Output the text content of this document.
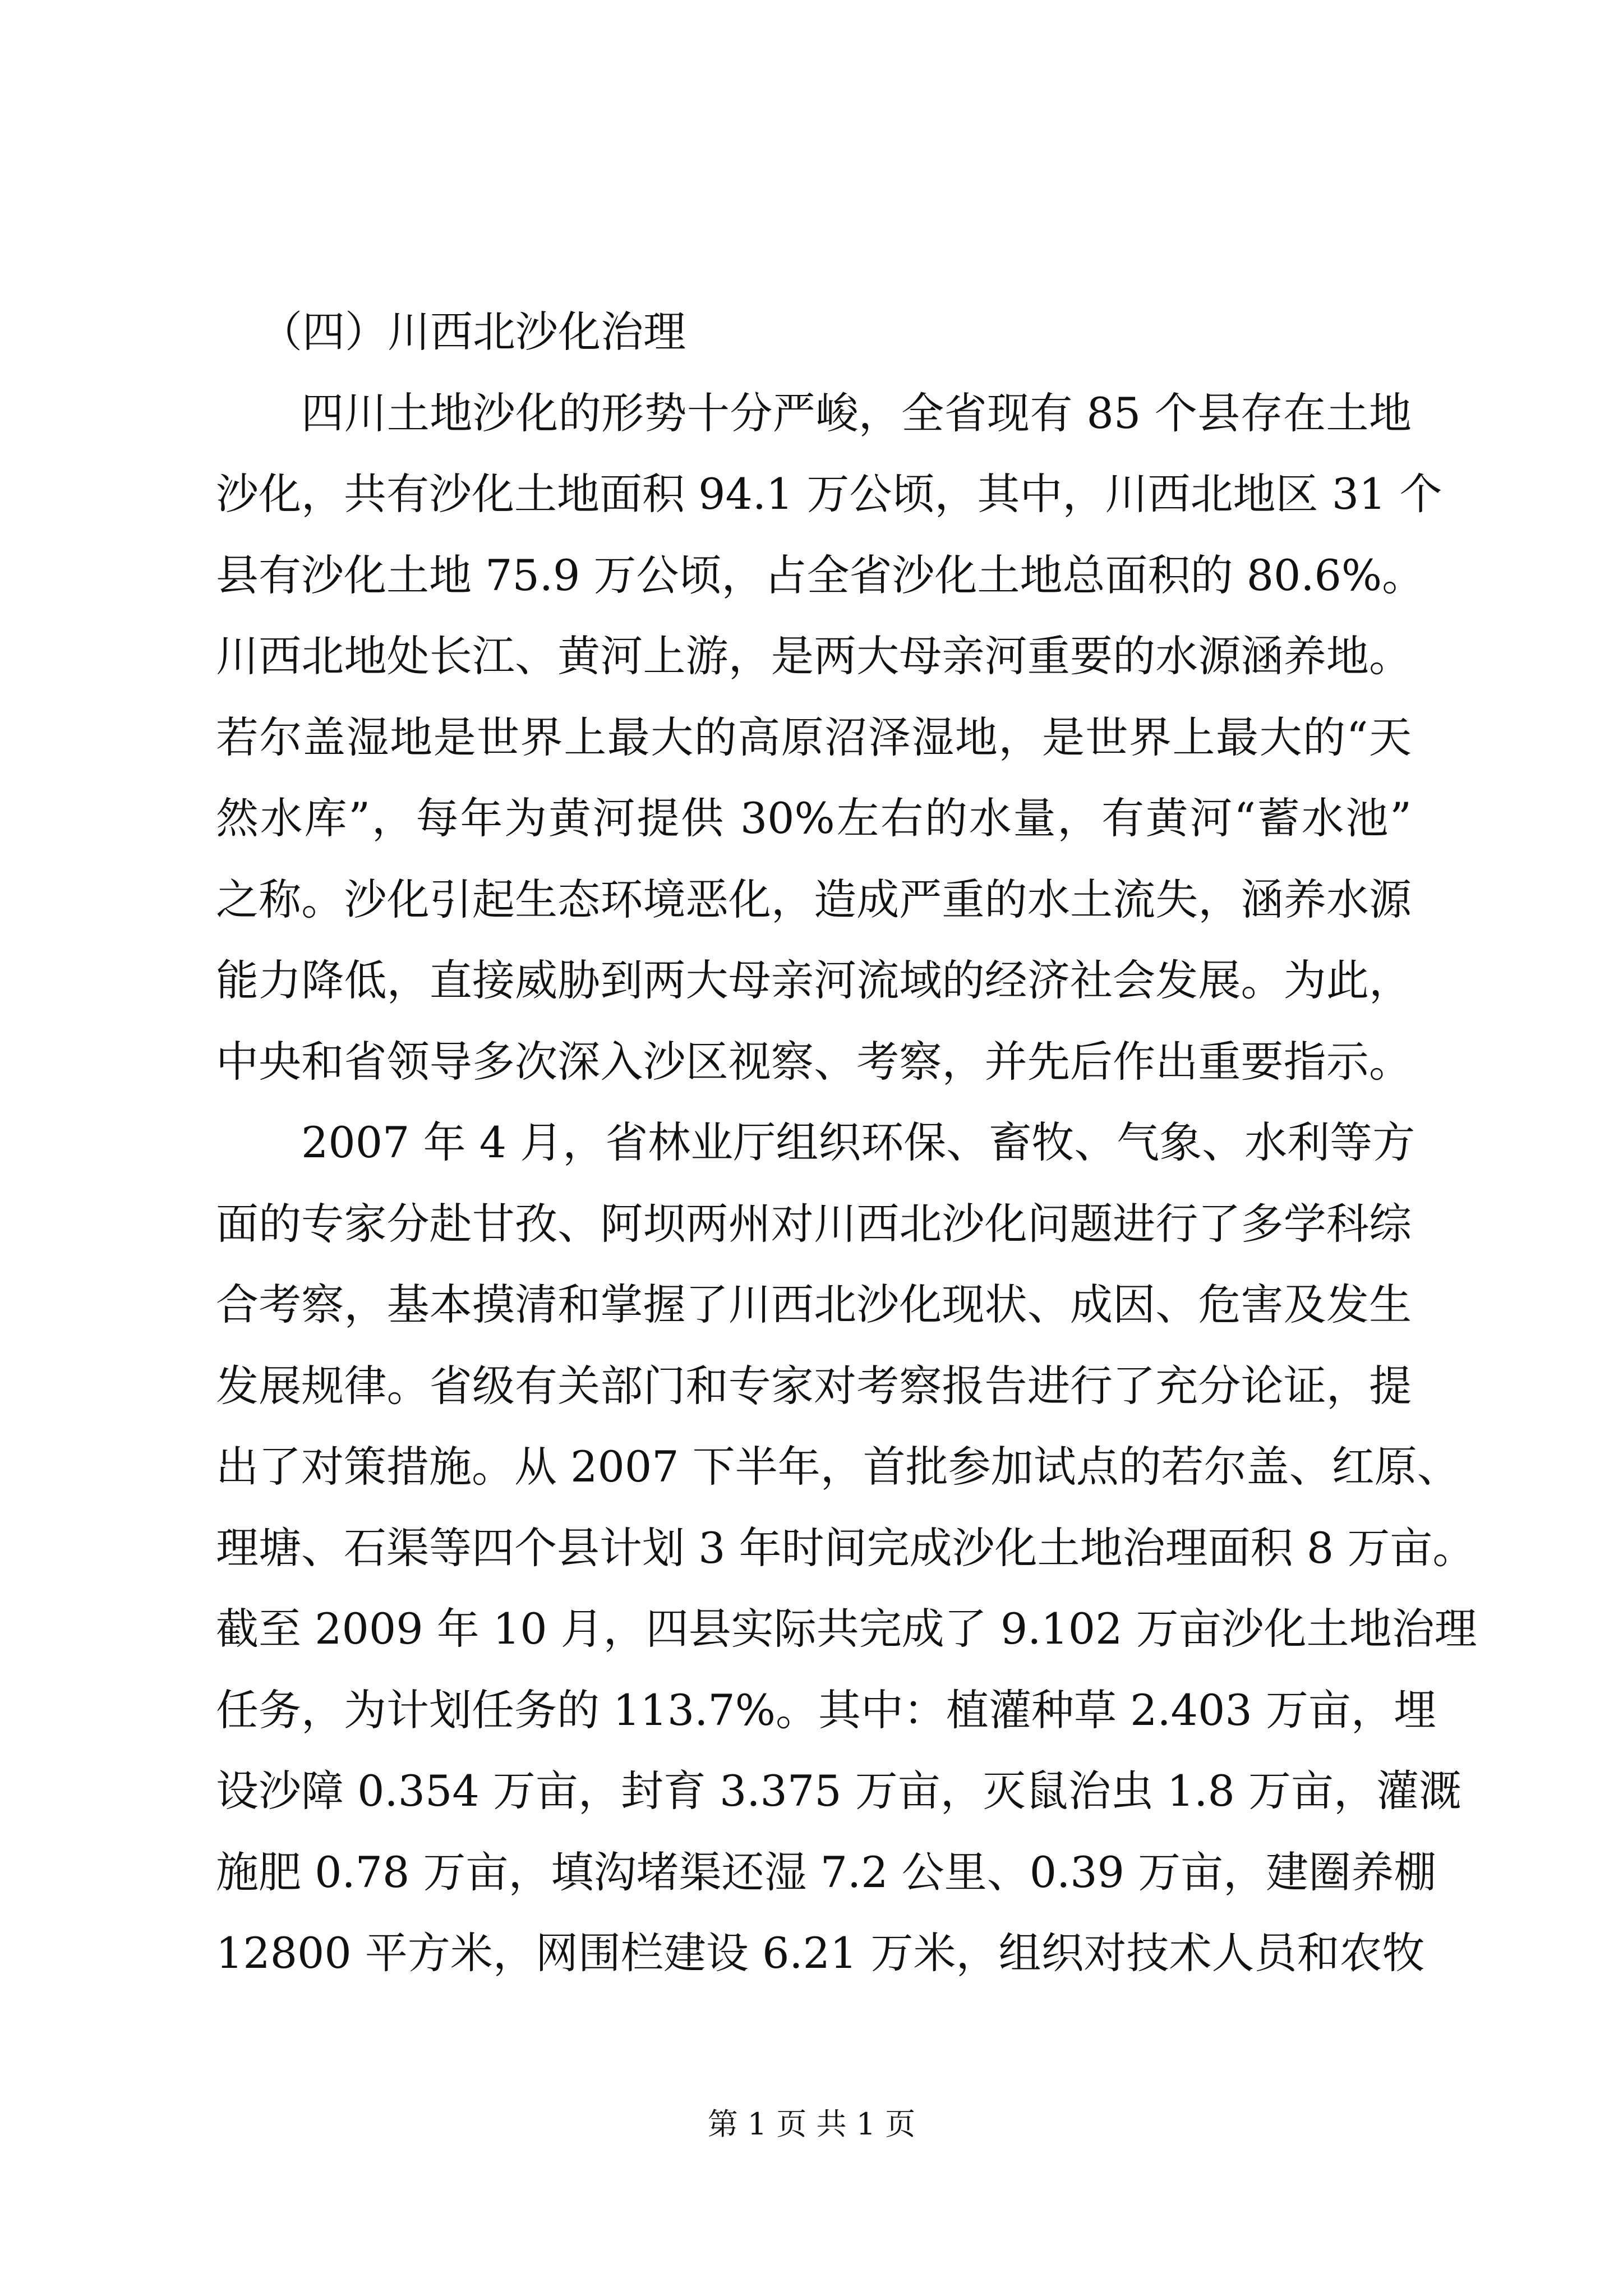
（四）川西北沙化治理
四川土地沙化的形势十分严峻，全省现有 85 个县存在土地
沙化，共有沙化土地面积 94.1 万公顷，其中，川西北地区 31 个
县有沙化土地 75.9 万公顷，占全省沙化土地总面积的 80.6%。
川西北地处长江、黄河上游，是两大母亲河重要的水源涵养地。
若尔盖湿地是世界上最大的高原沼泽湿地，是世界上最大的“天
然水库”，每年为黄河提供 30%左右的水量，有黄河“蓄水池”
之称。沙化引起生态环境恶化，造成严重的水土流失，涵养水源
能力降低，直接威胁到两大母亲河流域的经济社会发展。为此，
中央和省领导多次深入沙区视察、考察，并先后作出重要指示。
2007 年 4 月，省林业厅组织环保、畜牧、气象、水利等方
面的专家分赴甘孜、阿坝两州对川西北沙化问题进行了多学科综
合考察，基本摸清和掌握了川西北沙化现状、成因、危害及发生
发展规律。省级有关部门和专家对考察报告进行了充分论证，提
出了对策措施。从 2007 下半年，首批参加试点的若尔盖、红原、
理塘、石渠等四个县计划 3 年时间完成沙化土地治理面积 8 万亩。
截至 2009 年 10 月，四县实际共完成了 9.102 万亩沙化土地治理
任务，为计划任务的 113.7%。其中：植灌种草 2.403 万亩，埋
设沙障 0.354 万亩，封育 3.375 万亩，灭鼠治虫 1.8 万亩，灌溉
施肥 0.78 万亩，填沟堵渠还湿 7.2 公里、0.39 万亩，建圈养棚
12800 平方米，网围栏建设 6.21 万米，组织对技术人员和农牧
第 1 页 共 1 页
